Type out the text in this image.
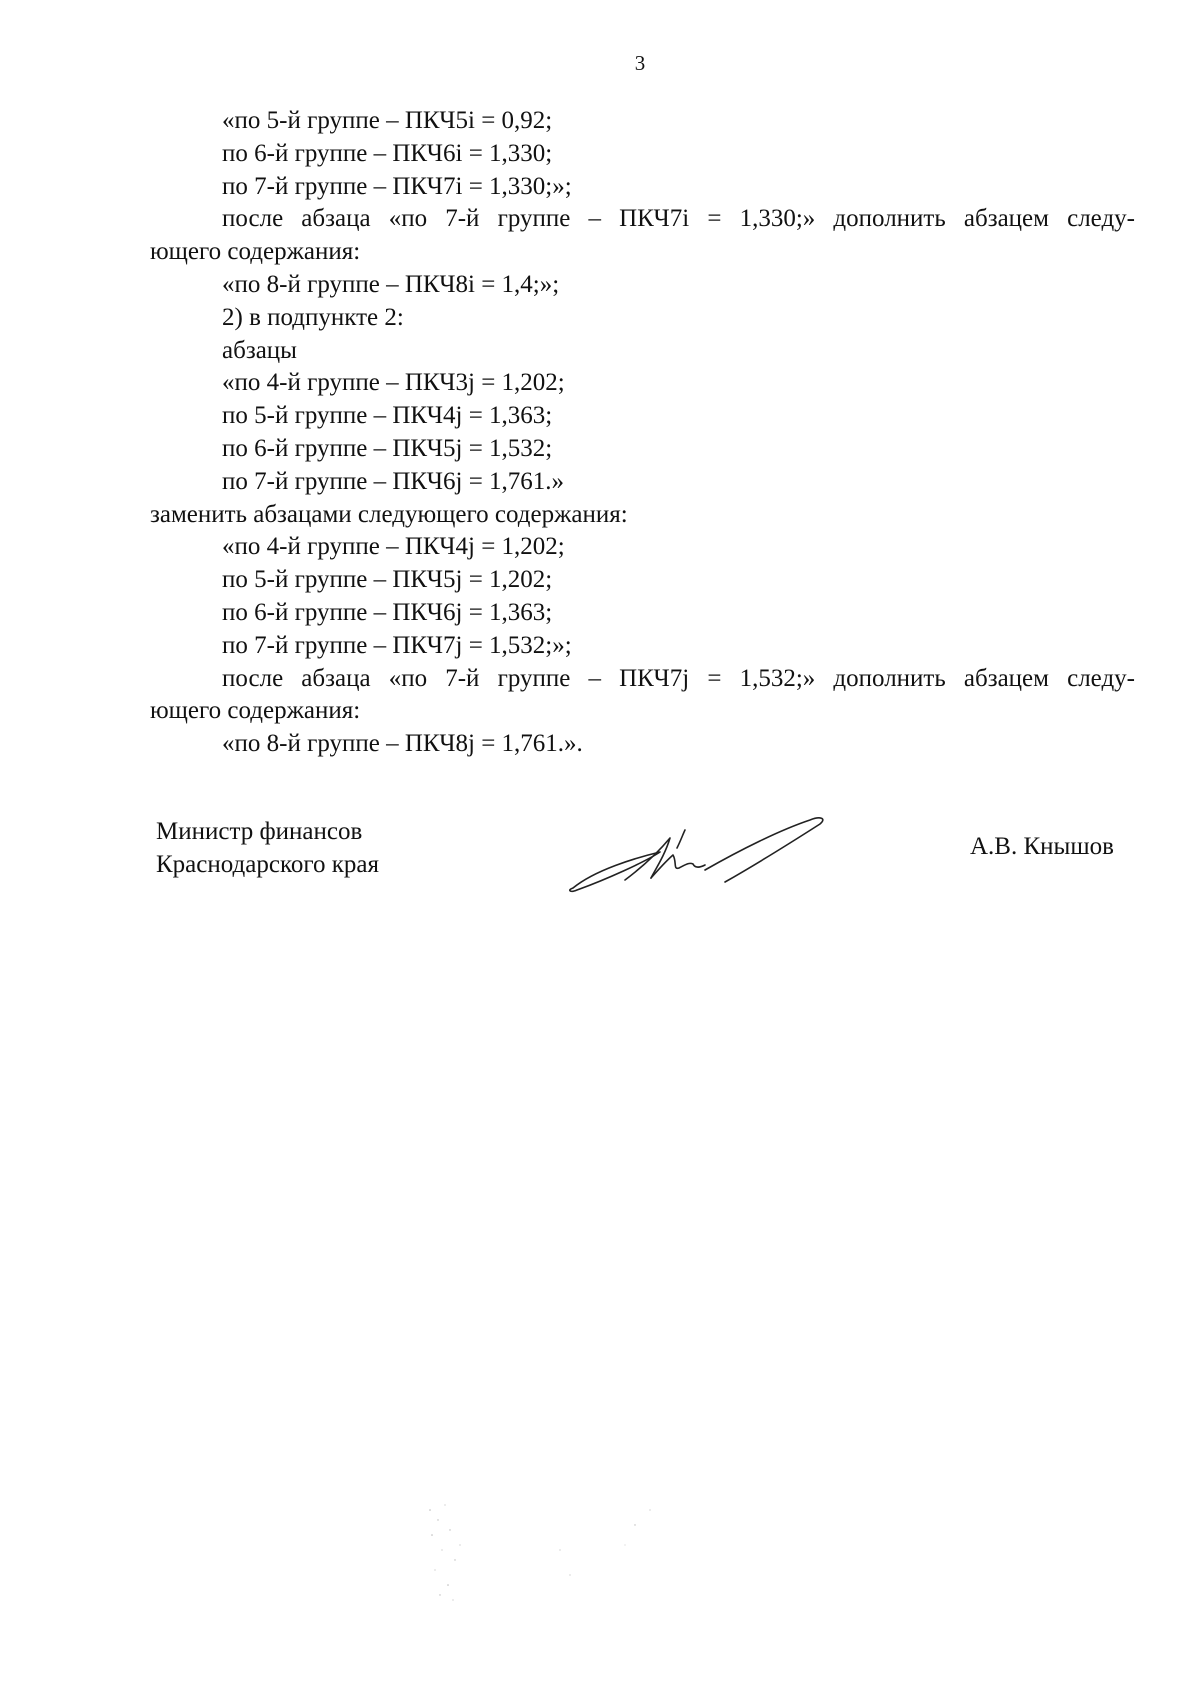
3
«по 5-й группе – ПКЧ5i = 0,92;
по 6-й группе – ПКЧ6i = 1,330;
по 7-й группе – ПКЧ7i = 1,330;»;
после абзаца «по 7-й группе – ПКЧ7i = 1,330;» дополнить абзацем следу-
ющего содержания:
«по 8-й группе – ПКЧ8i = 1,4;»;
2) в подпункте 2:
абзацы
«по 4-й группе – ПКЧ3j = 1,202;
по 5-й группе – ПКЧ4j = 1,363;
по 6-й группе – ПКЧ5j = 1,532;
по 7-й группе – ПКЧ6j = 1,761.»
заменить абзацами следующего содержания:
«по 4-й группе – ПКЧ4j = 1,202;
по 5-й группе – ПКЧ5j = 1,202;
по 6-й группе – ПКЧ6j = 1,363;
по 7-й группе – ПКЧ7j = 1,532;»;
после абзаца «по 7-й группе – ПКЧ7j = 1,532;» дополнить абзацем следу-
ющего содержания:
«по 8-й группе – ПКЧ8j = 1,761.».
Министр финансов
Краснодарского края
А.В. Кнышов
